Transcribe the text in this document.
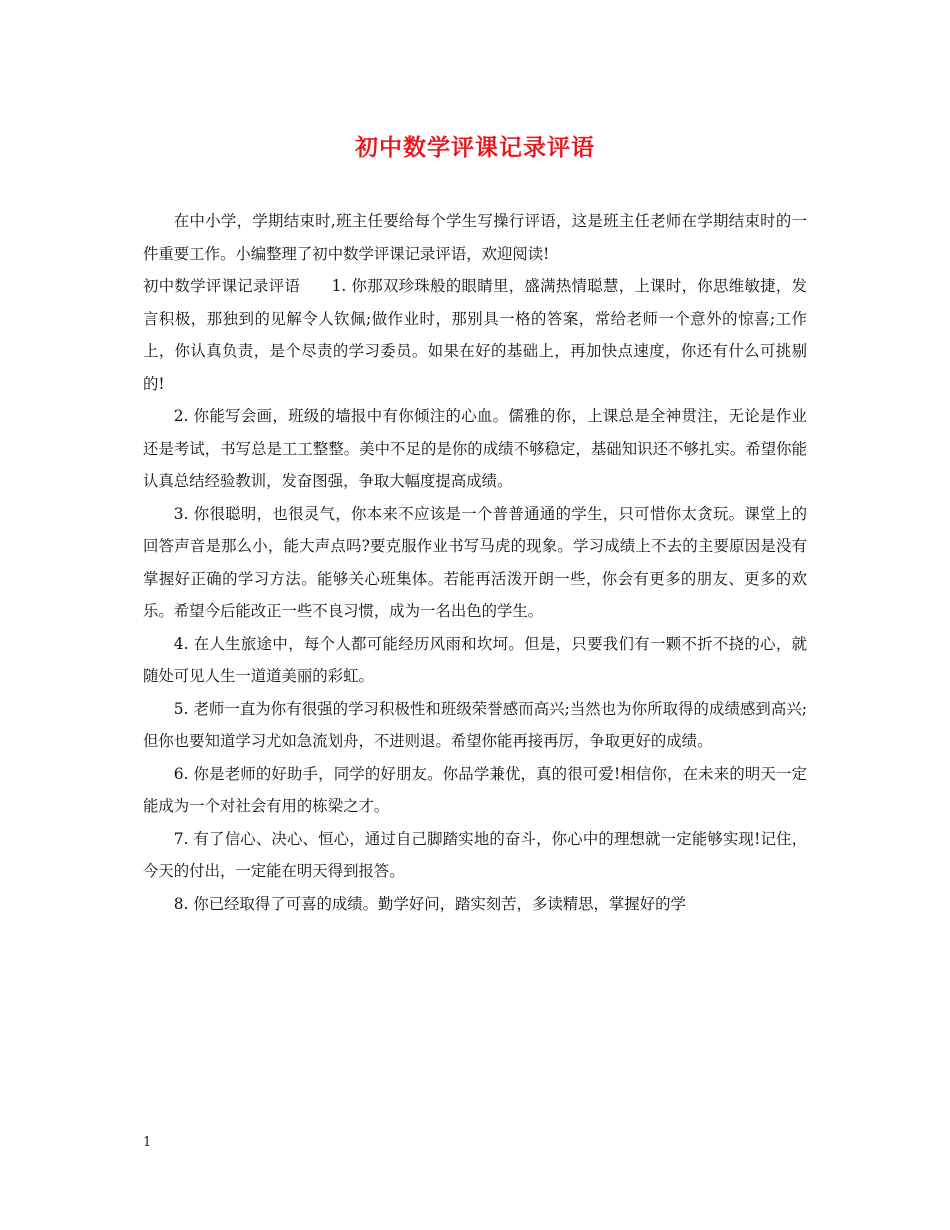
初中数学评课记录评语

在中小学，学期结束时,班主任要给每个学生写操行评语，这是班主任老师在学期结束时的一件重要工作。小编整理了初中数学评课记录评语，欢迎阅读!

初中数学评课记录评语　　1. 你那双珍珠般的眼睛里，盛满热情聪慧，上课时，你思维敏捷，发言积极，那独到的见解令人钦佩;做作业时，那别具一格的答案，常给老师一个意外的惊喜;工作上，你认真负责，是个尽责的学习委员。如果在好的基础上，再加快点速度，你还有什么可挑剔的!

2. 你能写会画，班级的墙报中有你倾注的心血。儒雅的你，上课总是全神贯注，无论是作业还是考试，书写总是工工整整。美中不足的是你的成绩不够稳定，基础知识还不够扎实。希望你能认真总结经验教训，发奋图强，争取大幅度提高成绩。

3. 你很聪明，也很灵气，你本来不应该是一个普普通通的学生，只可惜你太贪玩。课堂上的回答声音是那么小，能大声点吗?要克服作业书写马虎的现象。学习成绩上不去的主要原因是没有掌握好正确的学习方法。能够关心班集体。若能再活泼开朗一些，你会有更多的朋友、更多的欢乐。希望今后能改正一些不良习惯，成为一名出色的学生。

4. 在人生旅途中，每个人都可能经历风雨和坎坷。但是，只要我们有一颗不折不挠的心，就随处可见人生一道道美丽的彩虹。

5. 老师一直为你有很强的学习积极性和班级荣誉感而高兴;当然也为你所取得的成绩感到高兴;但你也要知道学习尤如急流划舟，不进则退。希望你能再接再厉，争取更好的成绩。

6. 你是老师的好助手，同学的好朋友。你品学兼优，真的很可爱!相信你，在未来的明天一定能成为一个对社会有用的栋梁之才。

7. 有了信心、决心、恒心，通过自己脚踏实地的奋斗，你心中的理想就一定能够实现!记住，今天的付出，一定能在明天得到报答。

8. 你已经取得了可喜的成绩。勤学好问，踏实刻苦，多读精思，掌握好的学

1
